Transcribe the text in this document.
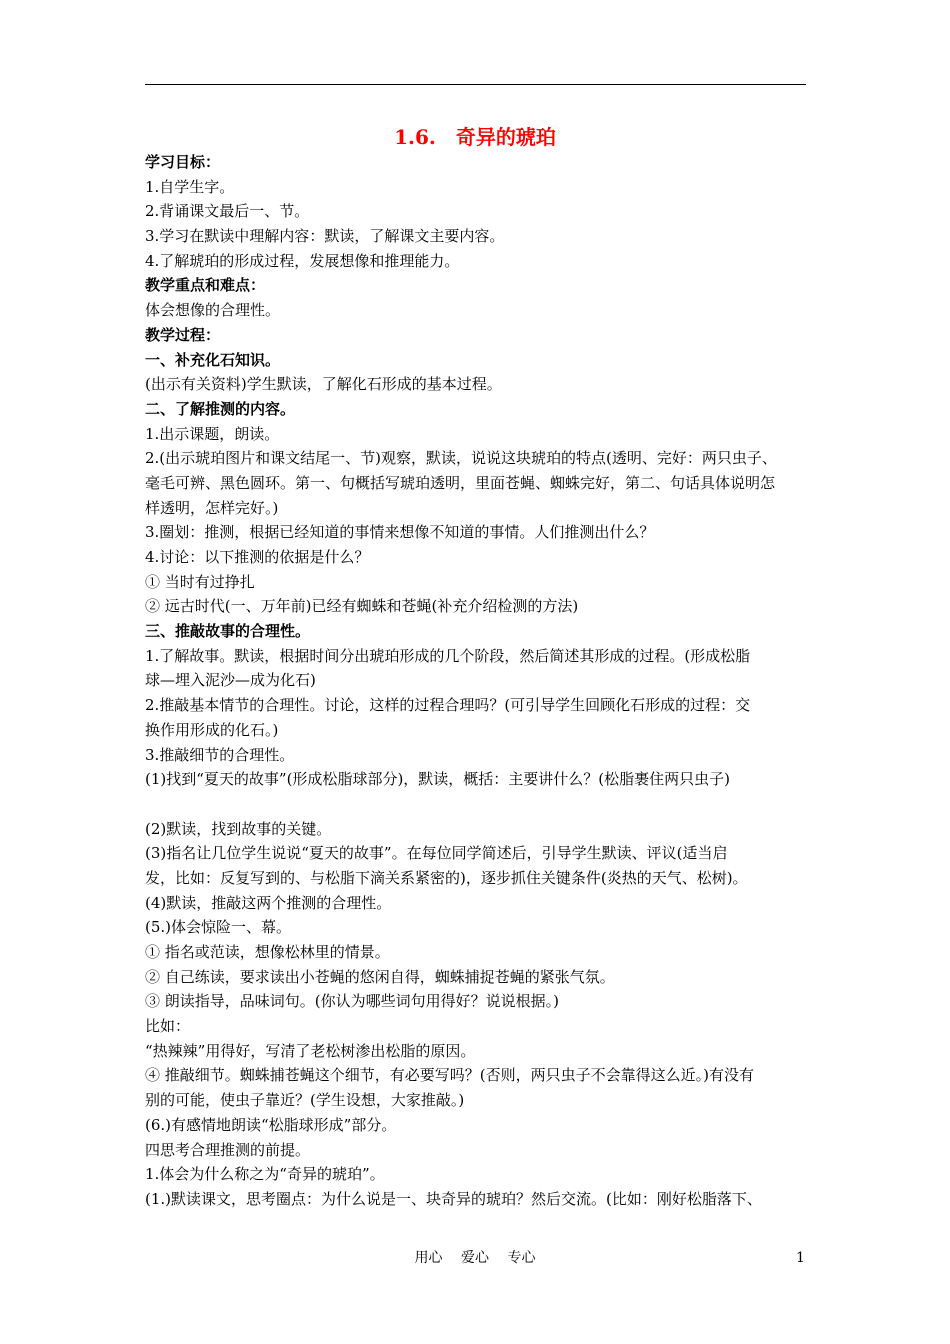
1.6.　奇异的琥珀
学习目标：
1.自学生字。
2.背诵课文最后一、节。
3.学习在默读中理解内容：默读，了解课文主要内容。
4.了解琥珀的形成过程，发展想像和推理能力。
教学重点和难点：
体会想像的合理性。
教学过程：
一、补充化石知识。
(出示有关资料)学生默读，了解化石形成的基本过程。
二、了解推测的内容。
1.出示课题，朗读。
2.(出示琥珀图片和课文结尾一、节)观察，默读，说说这块琥珀的特点(透明、完好：两只虫子、
毫毛可辨、黑色圆环。第一、句概括写琥珀透明，里面苍蝇、蜘蛛完好，第二、句话具体说明怎
样透明，怎样完好。)
3.圈划：推测，根据已经知道的事情来想像不知道的事情。人们推测出什么？
4.讨论：以下推测的依据是什么？
① 当时有过挣扎
② 远古时代(一、万年前)已经有蜘蛛和苍蝇(补充介绍检测的方法)
三、推敲故事的合理性。
1.了解故事。默读，根据时间分出琥珀形成的几个阶段，然后简述其形成的过程。(形成松脂
球—埋入泥沙—成为化石)
2.推敲基本情节的合理性。讨论，这样的过程合理吗？(可引导学生回顾化石形成的过程：交
换作用形成的化石。)
3.推敲细节的合理性。
(1)找到“夏天的故事”(形成松脂球部分)，默读，概括：主要讲什么？(松脂裹住两只虫子)
(2)默读，找到故事的关键。
(3)指名让几位学生说说“夏天的故事”。在每位同学简述后，引导学生默读、评议(适当启
发，比如：反复写到的、与松脂下滴关系紧密的)，逐步抓住关键条件(炎热的天气、松树)。
(4)默读，推敲这两个推测的合理性。
(5.)体会惊险一、幕。
① 指名或范读，想像松林里的情景。
② 自己练读，要求读出小苍蝇的悠闲自得，蜘蛛捕捉苍蝇的紧张气氛。
③ 朗读指导，品味词句。(你认为哪些词句用得好？说说根据。)
比如：
“热辣辣”用得好，写清了老松树渗出松脂的原因。
④ 推敲细节。蜘蛛捕苍蝇这个细节，有必要写吗？(否则，两只虫子不会靠得这么近。)有没有
别的可能，使虫子靠近？(学生设想，大家推敲。)
(6.)有感情地朗读“松脂球形成”部分。
四思考合理推测的前提。
1.体会为什么称之为“奇异的琥珀”。
(1.)默读课文，思考圈点：为什么说是一、块奇异的琥珀？然后交流。(比如：刚好松脂落下、
用心　 爱心　 专心	1
